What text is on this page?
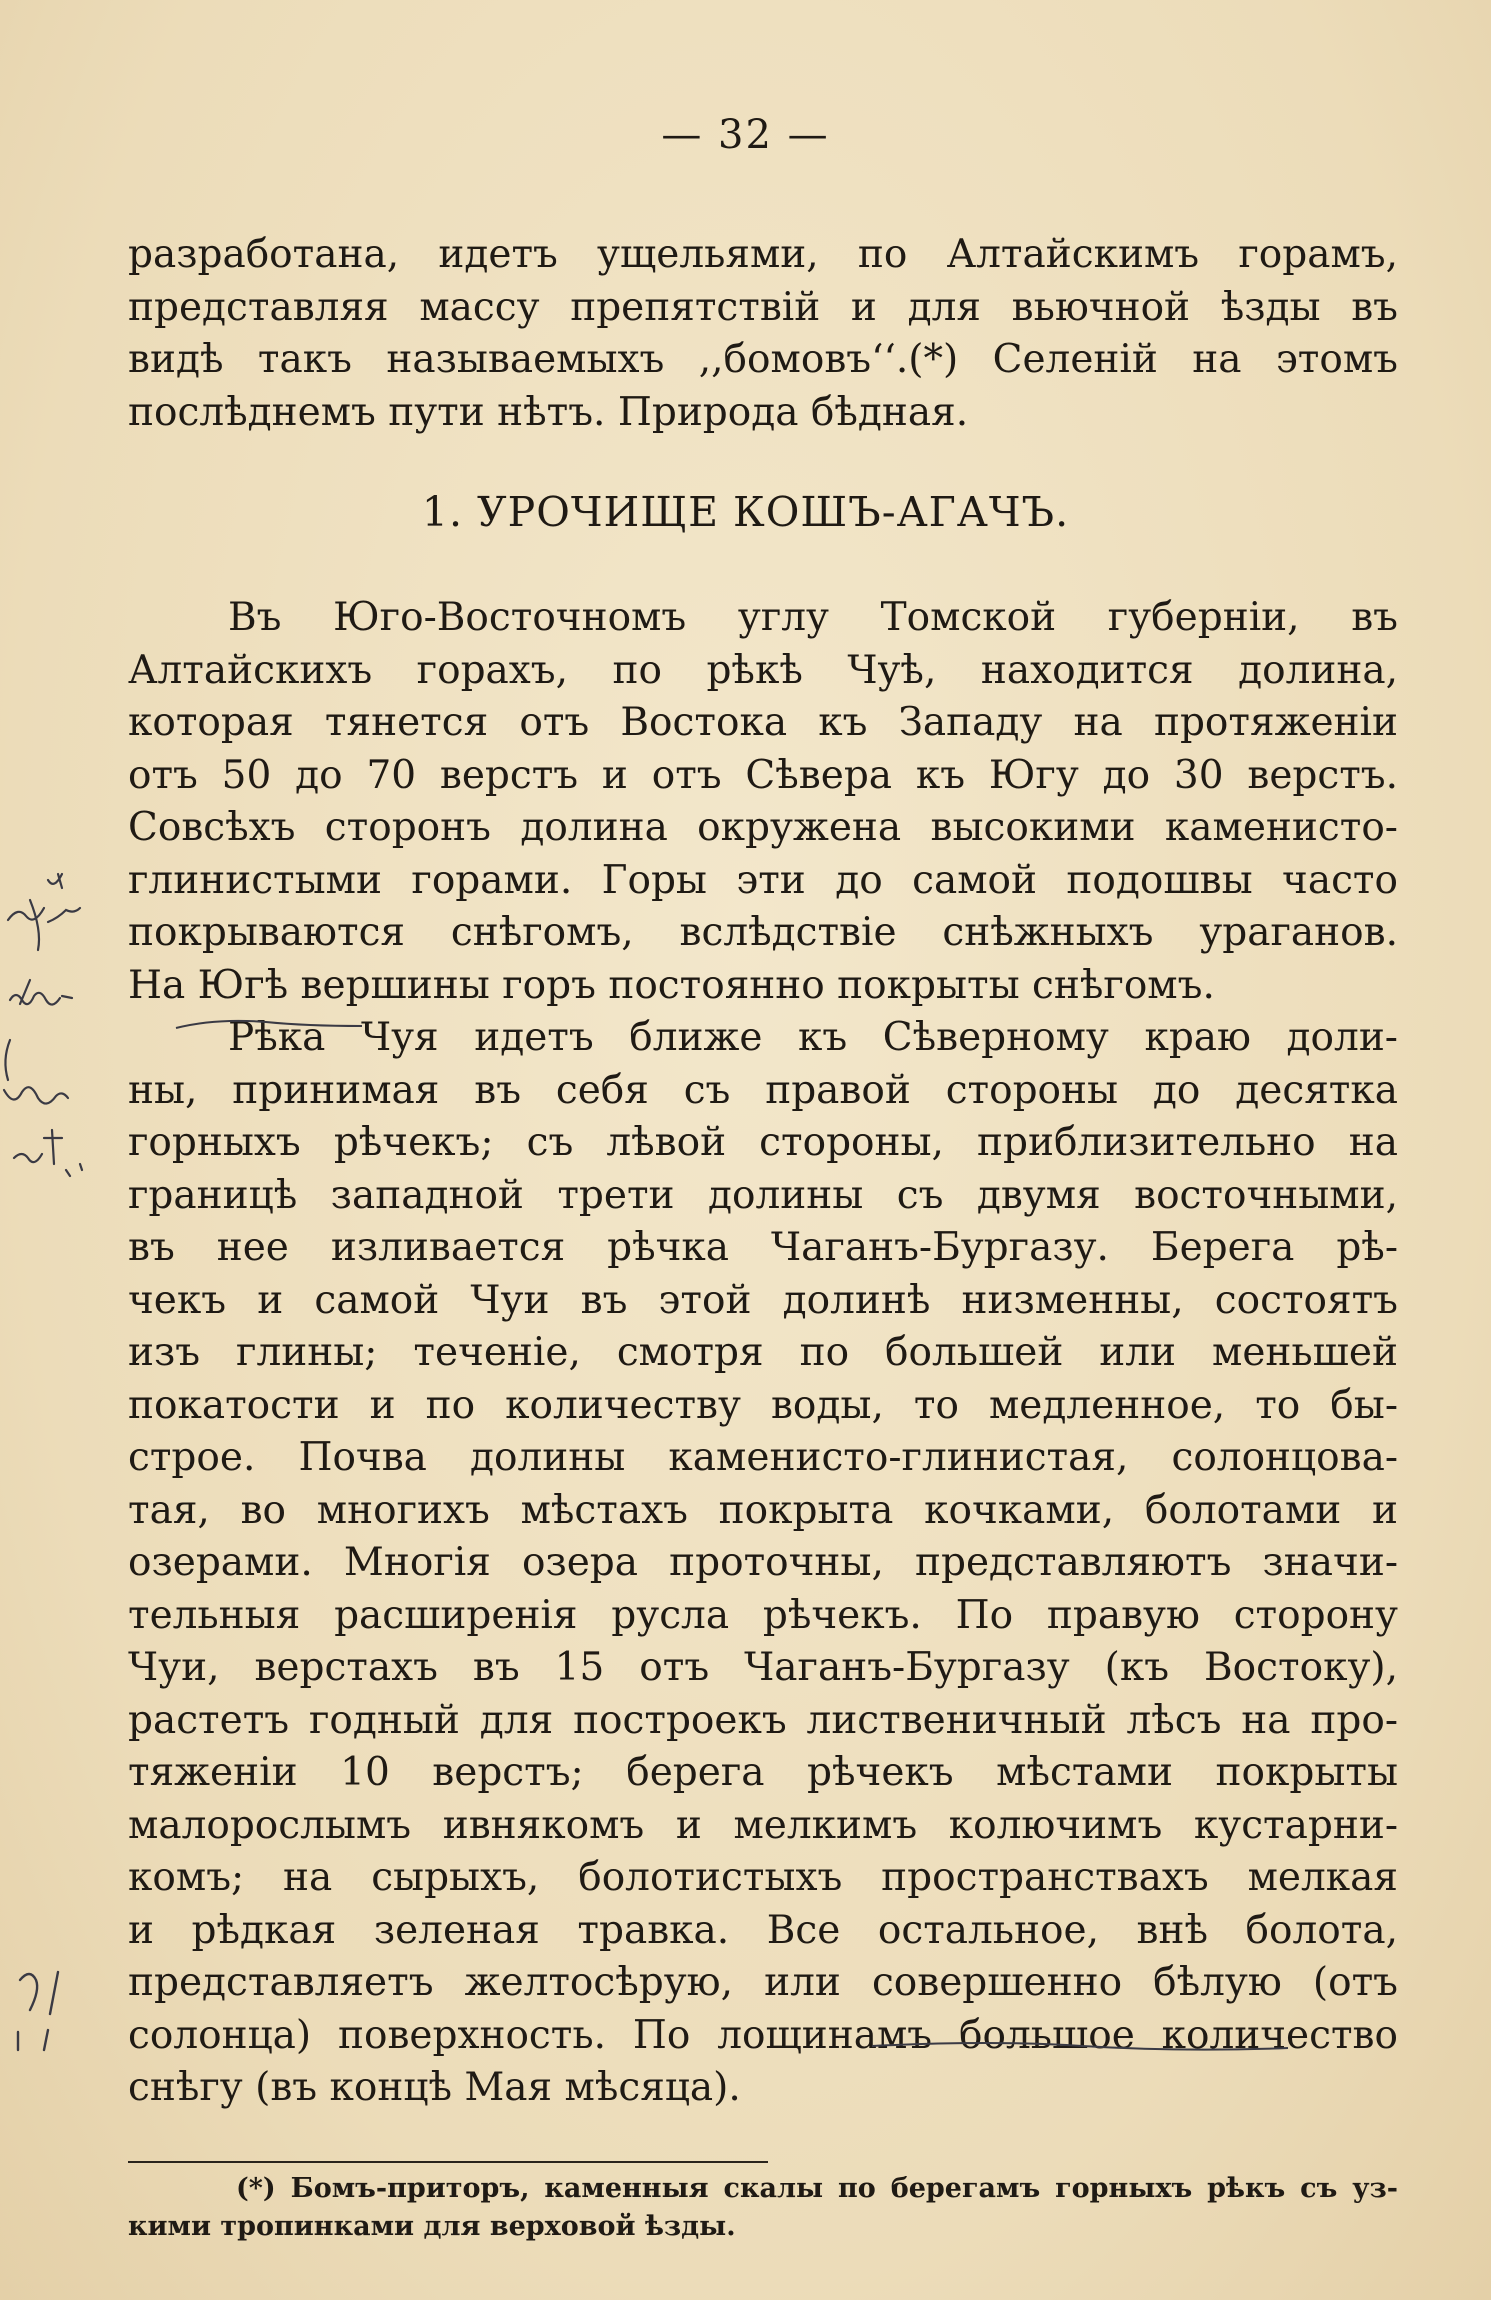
— 32 —
разработана, идетъ ущельями, по Алтайскимъ горамъ,
представляя массу препятствій и для вьючной ѣзды въ
видѣ такъ называемыхъ ,,бомовъ‘‘.(*) Селеній на этомъ
послѣднемъ пути нѣтъ. Природа бѣдная.
1. УРОЧИЩЕ КОШЪ-АГАЧЪ.
Въ Юго-Восточномъ углу Томской губерніи, въ
Алтайскихъ горахъ, по рѣкѣ Чуѣ, находится долина,
которая тянется отъ Востока къ Западу на протяженіи
отъ 50 до 70 верстъ и отъ Сѣвера къ Югу до 30 верстъ.
Совсѣхъ сторонъ долина окружена высокими каменисто-
глинистыми горами. Горы эти до самой подошвы часто
покрываются снѣгомъ, вслѣдствіе снѣжныхъ ураганов.
На Югѣ вершины горъ постоянно покрыты снѣгомъ.
Рѣка Чуя идетъ ближе къ Сѣверному краю доли-
ны, принимая въ себя съ правой стороны до десятка
горныхъ рѣчекъ; съ лѣвой стороны, приблизительно на
границѣ западной трети долины съ двумя восточными,
въ нее изливается рѣчка Чаганъ-Бургазу. Берега рѣ-
чекъ и самой Чуи въ этой долинѣ низменны, состоятъ
изъ глины; теченіе, смотря по большей или меньшей
покатости и по количеству воды, то медленное, то бы-
строе. Почва долины каменисто-глинистая, солонцова-
тая, во многихъ мѣстахъ покрыта кочками, болотами и
озерами. Многія озера проточны, представляютъ значи-
тельныя расширенія русла рѣчекъ. По правую сторону
Чуи, верстахъ въ 15 отъ Чаганъ-Бургазу (къ Востоку),
растетъ годный для построекъ лиственичный лѣсъ на про-
тяженіи 10 верстъ; берега рѣчекъ мѣстами покрыты
малорослымъ ивнякомъ и мелкимъ колючимъ кустарни-
комъ; на сырыхъ, болотистыхъ пространствахъ мелкая
и рѣдкая зеленая травка. Все остальное, внѣ болота,
представляетъ желтосѣрую, или совершенно бѣлую (отъ
солонца) поверхность. По лощинамъ большое количество
снѣгу (въ концѣ Мая мѣсяца).
(*) Бомъ-приторъ, каменныя скалы по берегамъ горныхъ рѣкъ съ уз-
кими тропинками для верховой ѣзды.
